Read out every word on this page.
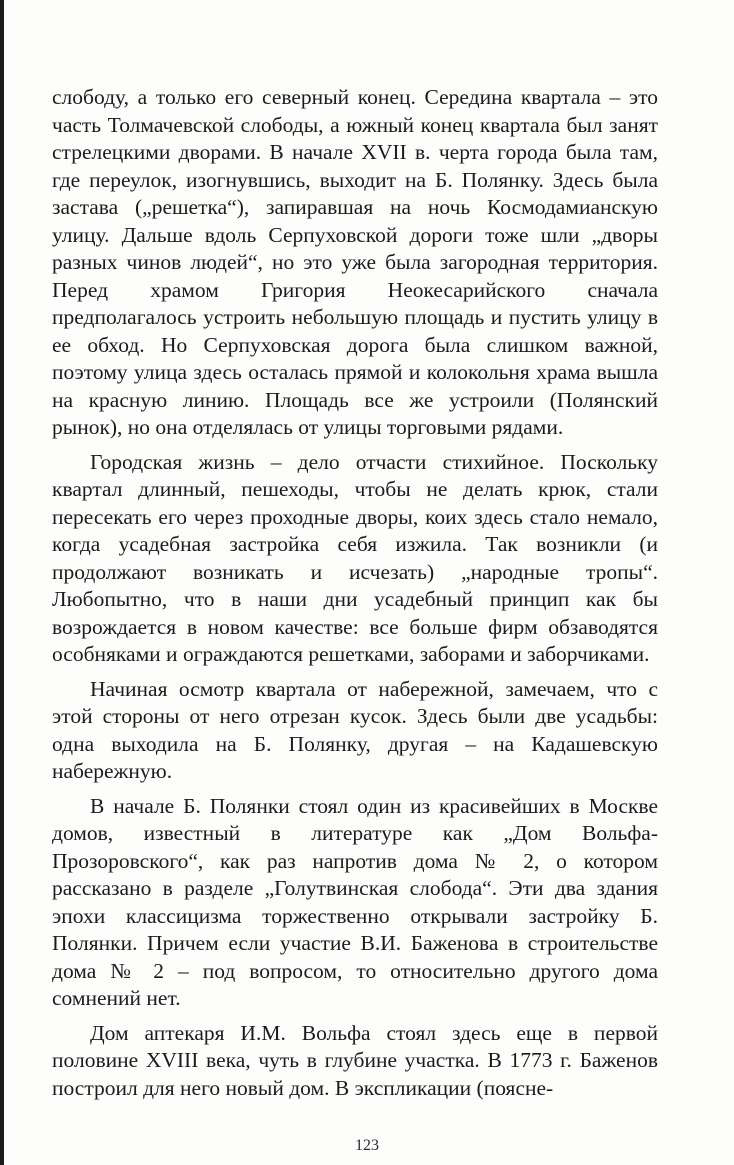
слободу, а только его северный конец. Середина квартала – это часть Толмачевской слободы, а южный конец квартала был занят стрелецкими дворами. В начале XVII в. черта города была там, где переулок, изогнувшись, выходит на Б. Полянку. Здесь была застава („решетка“), запиравшая на ночь Космодамианскую улицу. Дальше вдоль Серпуховской дороги тоже шли „дворы разных чинов людей“, но это уже была загородная территория. Перед храмом Григория Неокесарийского сначала предполагалось устроить небольшую площадь и пустить улицу в ее обход. Но Серпуховская дорога была слишком важной, поэтому улица здесь осталась прямой и колокольня храма вышла на красную линию. Площадь все же устроили (Полянский рынок), но она отделялась от улицы торговыми рядами.

Городская жизнь – дело отчасти стихийное. Поскольку квартал длинный, пешеходы, чтобы не делать крюк, стали пересекать его через проходные дворы, коих здесь стало немало, когда усадебная застройка себя изжила. Так возникли (и продолжают возникать и исчезать) „народные тропы“. Любопытно, что в наши дни усадебный принцип как бы возрождается в новом качестве: все больше фирм обзаводятся особняками и ограждаются решетками, заборами и заборчиками.

Начиная осмотр квартала от набережной, замечаем, что с этой стороны от него отрезан кусок. Здесь были две усадьбы: одна выходила на Б. Полянку, другая – на Кадашевскую набережную.

В начале Б. Полянки стоял один из красивейших в Москве домов, известный в литературе как „Дом Вольфа-Прозоровского“, как раз напротив дома № 2, о котором рассказано в разделе „Голутвинская слобода“. Эти два здания эпохи классицизма торжественно открывали застройку Б. Полянки. Причем если участие В.И. Баженова в строительстве дома № 2 – под вопросом, то относительно другого дома сомнений нет.

Дом аптекаря И.М. Вольфа стоял здесь еще в первой половине XVIII века, чуть в глубине участка. В 1773 г. Баженов построил для него новый дом. В экспликации (поясне-

123
